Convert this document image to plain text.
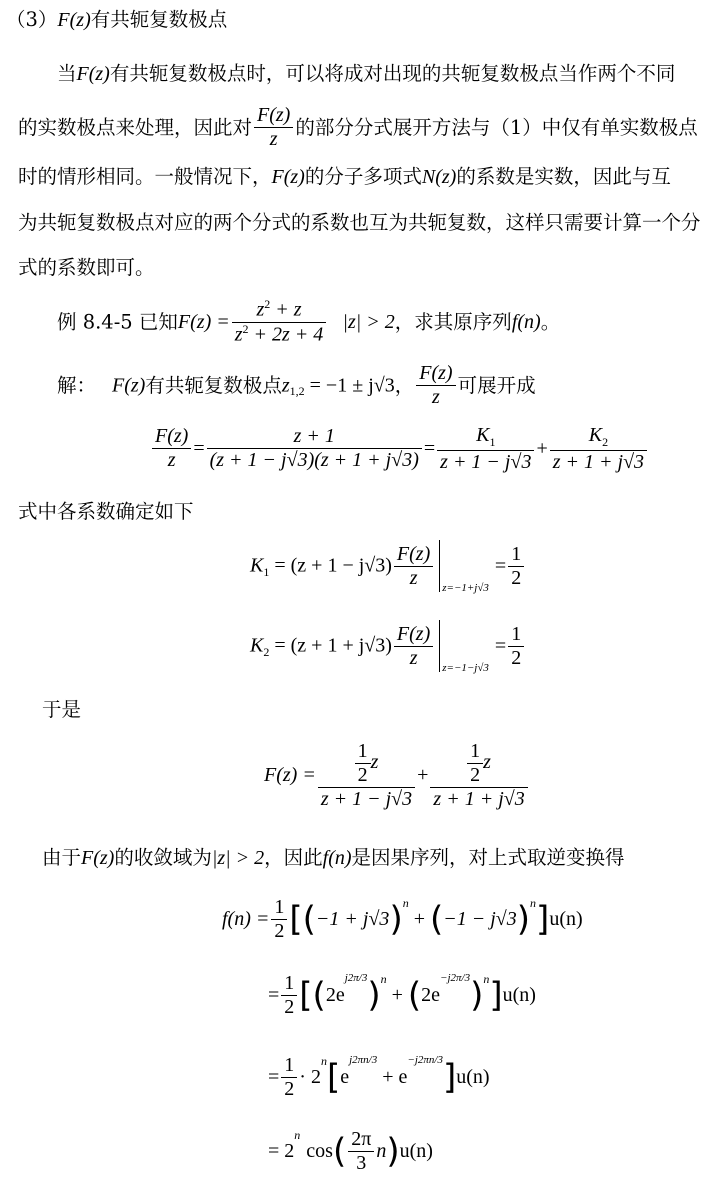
（3）F(z)有共轭复数极点
当F(z)有共轭复数极点时，可以将成对出现的共轭复数极点当作两个不同
的实数极点来处理，因此对 $\frac{F(z)}{z}$ 的部分分式展开方法与（1）中仅有单实数极点
时的情形相同。一般情况下，F(z)的分子多项式N(z)的系数是实数，因此与互
为共轭复数极点对应的两个分式的系数也互为共轭复数，这样只需要计算一个分
式的系数即可。
例 8.4-5 已知$F(z) = \frac{z^2 + z}{z^2 + 2z + 4} |z| > 2$，求其原序列f(n)。
解： F(z)有共轭复数极点$z_{1,2} = -1 \pm j√3$， $\frac{F(z)}{z}$ 可展开成
$\frac{F(z)}{z} = \frac{z + 1}{(z + 1 - j√3)(z + 1 + j√3)} = \frac{K_1}{z + 1 - j√3} + \frac{K_2}{z + 1 + j√3}$
式中各系数确定如下
$K_1 = (z + 1 - j√3) \frac{F(z)}{z} _{z=-1+j√3}= \frac{1}{2}$
$K_2 = (z + 1 + j√3) \frac{F(z)}{z} _{z=-1-j√3}= \frac{1}{2}$
于是
$F(z) = \frac{\frac{1}{2} z}{z + 1 - j√3} + \frac{\frac{1}{2} z}{z + 1 + j√3}$
由于F(z)的收敛域为|z| > 2，因此f(n)是因果序列，对上式取逆变换得
$f(n) = \frac{1}{2} [(-1 + j√3)^n + (-1 - j√3)^n]u(n)$
= $\frac{1}{2} [(2e^{j2\pi/3})^n + (2e^{-j2\pi/3})^n]u(n)$
= $\frac{1}{2} \cdot 2^n[e^{j2\pi n/3} + e^{-j2\pi n/3}]u(n)$
= $2^n\cos( \frac{2\pi}{3} n)u(n)$
